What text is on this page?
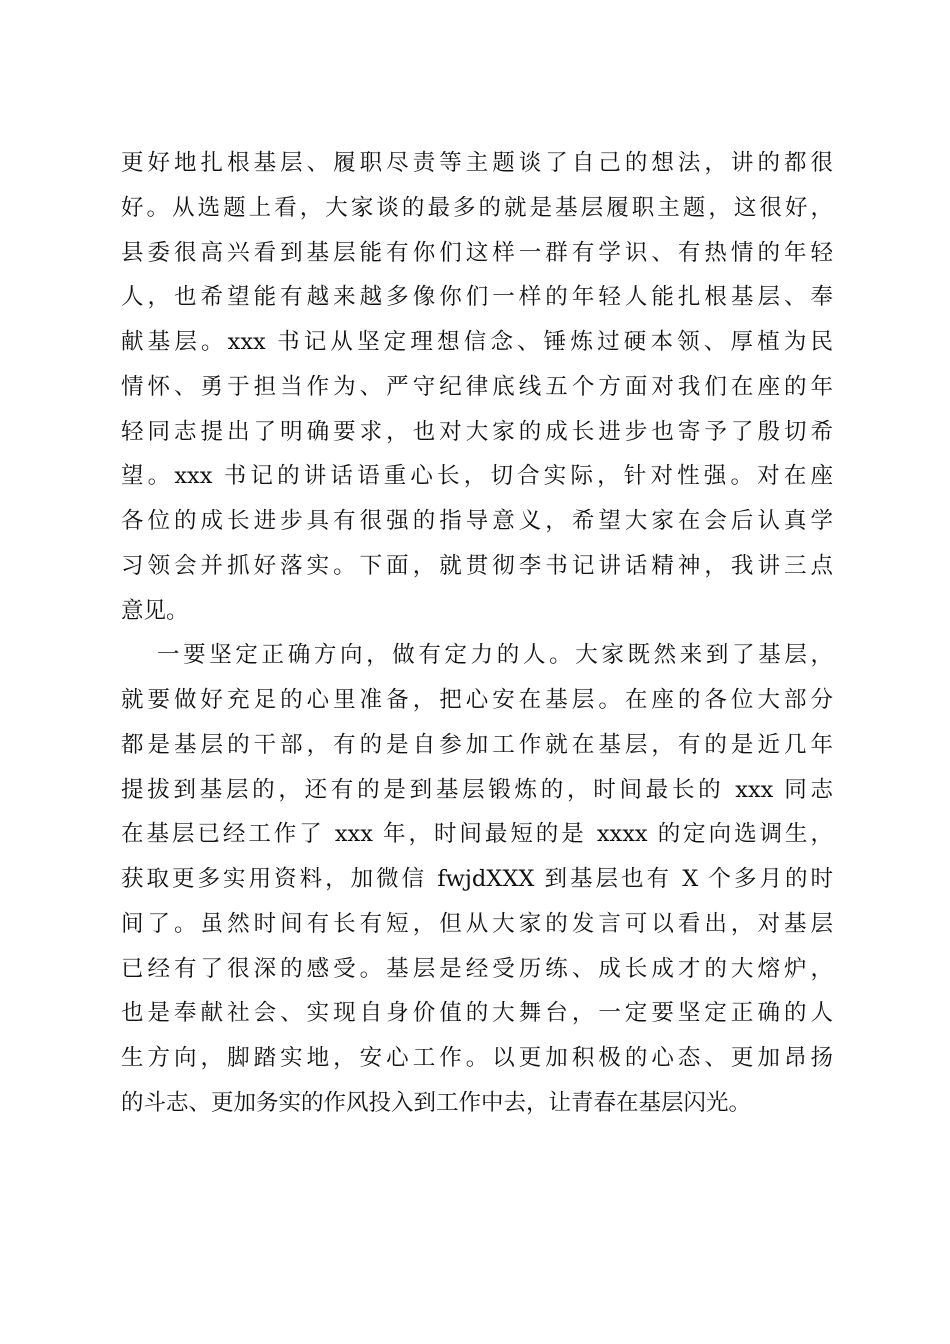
更好地扎根基层、履职尽责等主题谈了自己的想法，讲的都很
好。从选题上看，大家谈的最多的就是基层履职主题，这很好，
县委很高兴看到基层能有你们这样一群有学识、有热情的年轻
人，也希望能有越来越多像你们一样的年轻人能扎根基层、奉
献基层。xxx 书记从坚定理想信念、锤炼过硬本领、厚植为民
情怀、勇于担当作为、严守纪律底线五个方面对我们在座的年
轻同志提出了明确要求，也对大家的成长进步也寄予了殷切希
望。xxx 书记的讲话语重心长，切合实际，针对性强。对在座
各位的成长进步具有很强的指导意义，希望大家在会后认真学
习领会并抓好落实。下面，就贯彻李书记讲话精神，我讲三点
意见。
一要坚定正确方向，做有定力的人。大家既然来到了基层，
就要做好充足的心里准备，把心安在基层。在座的各位大部分
都是基层的干部，有的是自参加工作就在基层，有的是近几年
提拔到基层的，还有的是到基层锻炼的，时间最长的 xxx 同志
在基层已经工作了 xxx 年，时间最短的是 xxxx 的定向选调生，
获取更多实用资料，加微信 fwjdXXX 到基层也有 X 个多月的时
间了。虽然时间有长有短，但从大家的发言可以看出，对基层
已经有了很深的感受。基层是经受历练、成长成才的大熔炉，
也是奉献社会、实现自身价值的大舞台，一定要坚定正确的人
生方向，脚踏实地，安心工作。以更加积极的心态、更加昂扬
的斗志、更加务实的作风投入到工作中去，让青春在基层闪光。
